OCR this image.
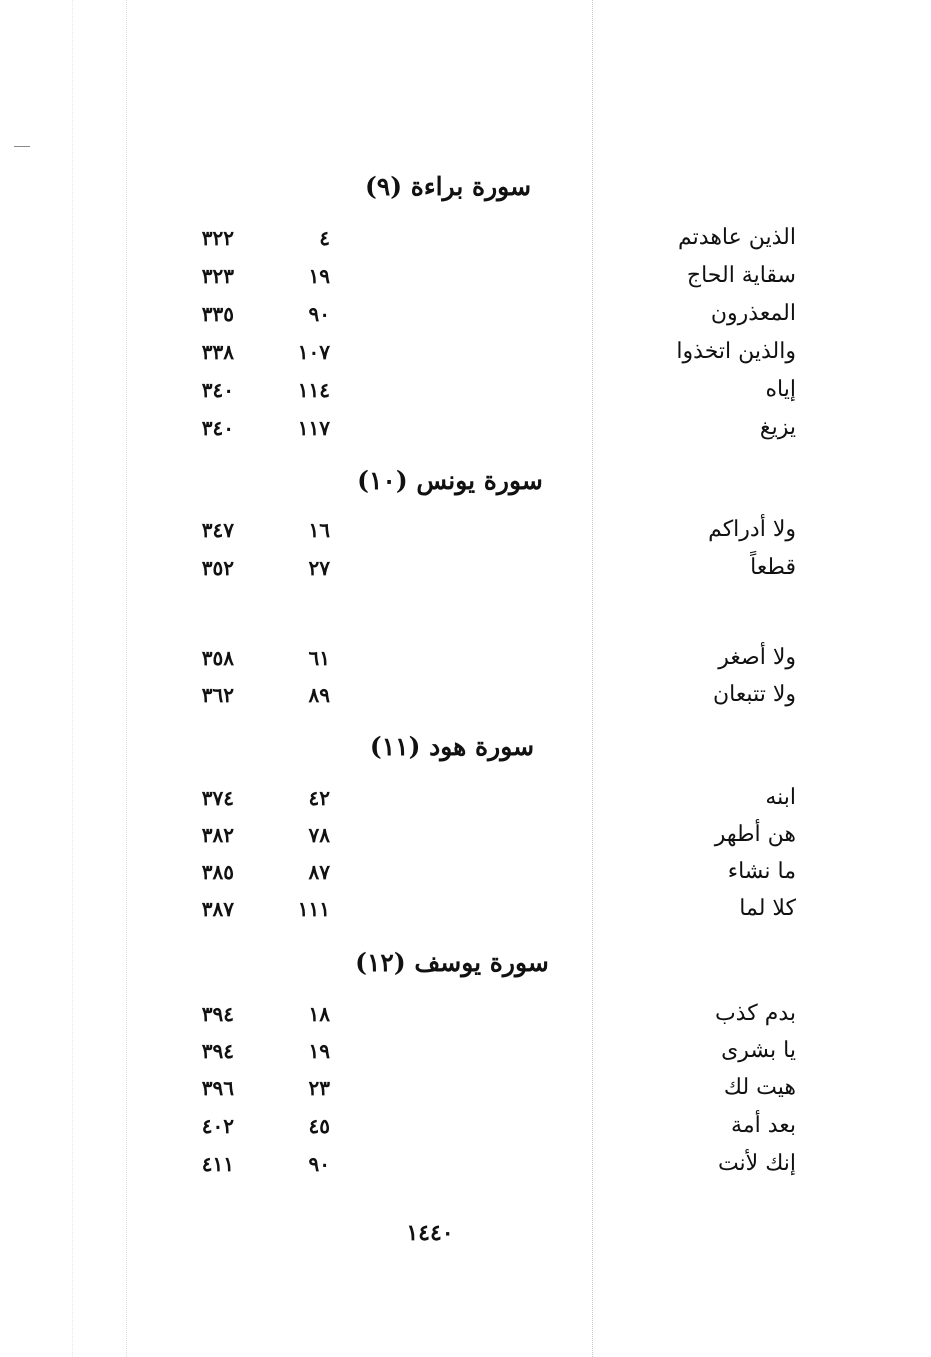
سورة براءة (٩)
الذين عاهدتم
٤
٣٢٢
سقاية الحاج
١٩
٣٢٣
المعذرون
٩٠
٣٣٥
والذين اتخذوا
١٠٧
٣٣٨
إياه
١١٤
٣٤٠
يزيغ
١١٧
٣٤٠
سورة يونس (١٠)
ولا أدراكم
١٦
٣٤٧
قطعاً
٢٧
٣٥٢
ولا أصغر
٦١
٣٥٨
ولا تتبعان
٨٩
٣٦٢
سورة هود (١١)
ابنه
٤٢
٣٧٤
هن أطهر
٧٨
٣٨٢
ما نشاء
٨٧
٣٨٥
كلا لما
١١١
٣٨٧
سورة يوسف (١٢)
بدم كذب
١٨
٣٩٤
يا بشرى
١٩
٣٩٤
هيت لك
٢٣
٣٩٦
بعد أمة
٤٥
٤٠٢
إنك لأنت
٩٠
٤١١
١٤٤٠
